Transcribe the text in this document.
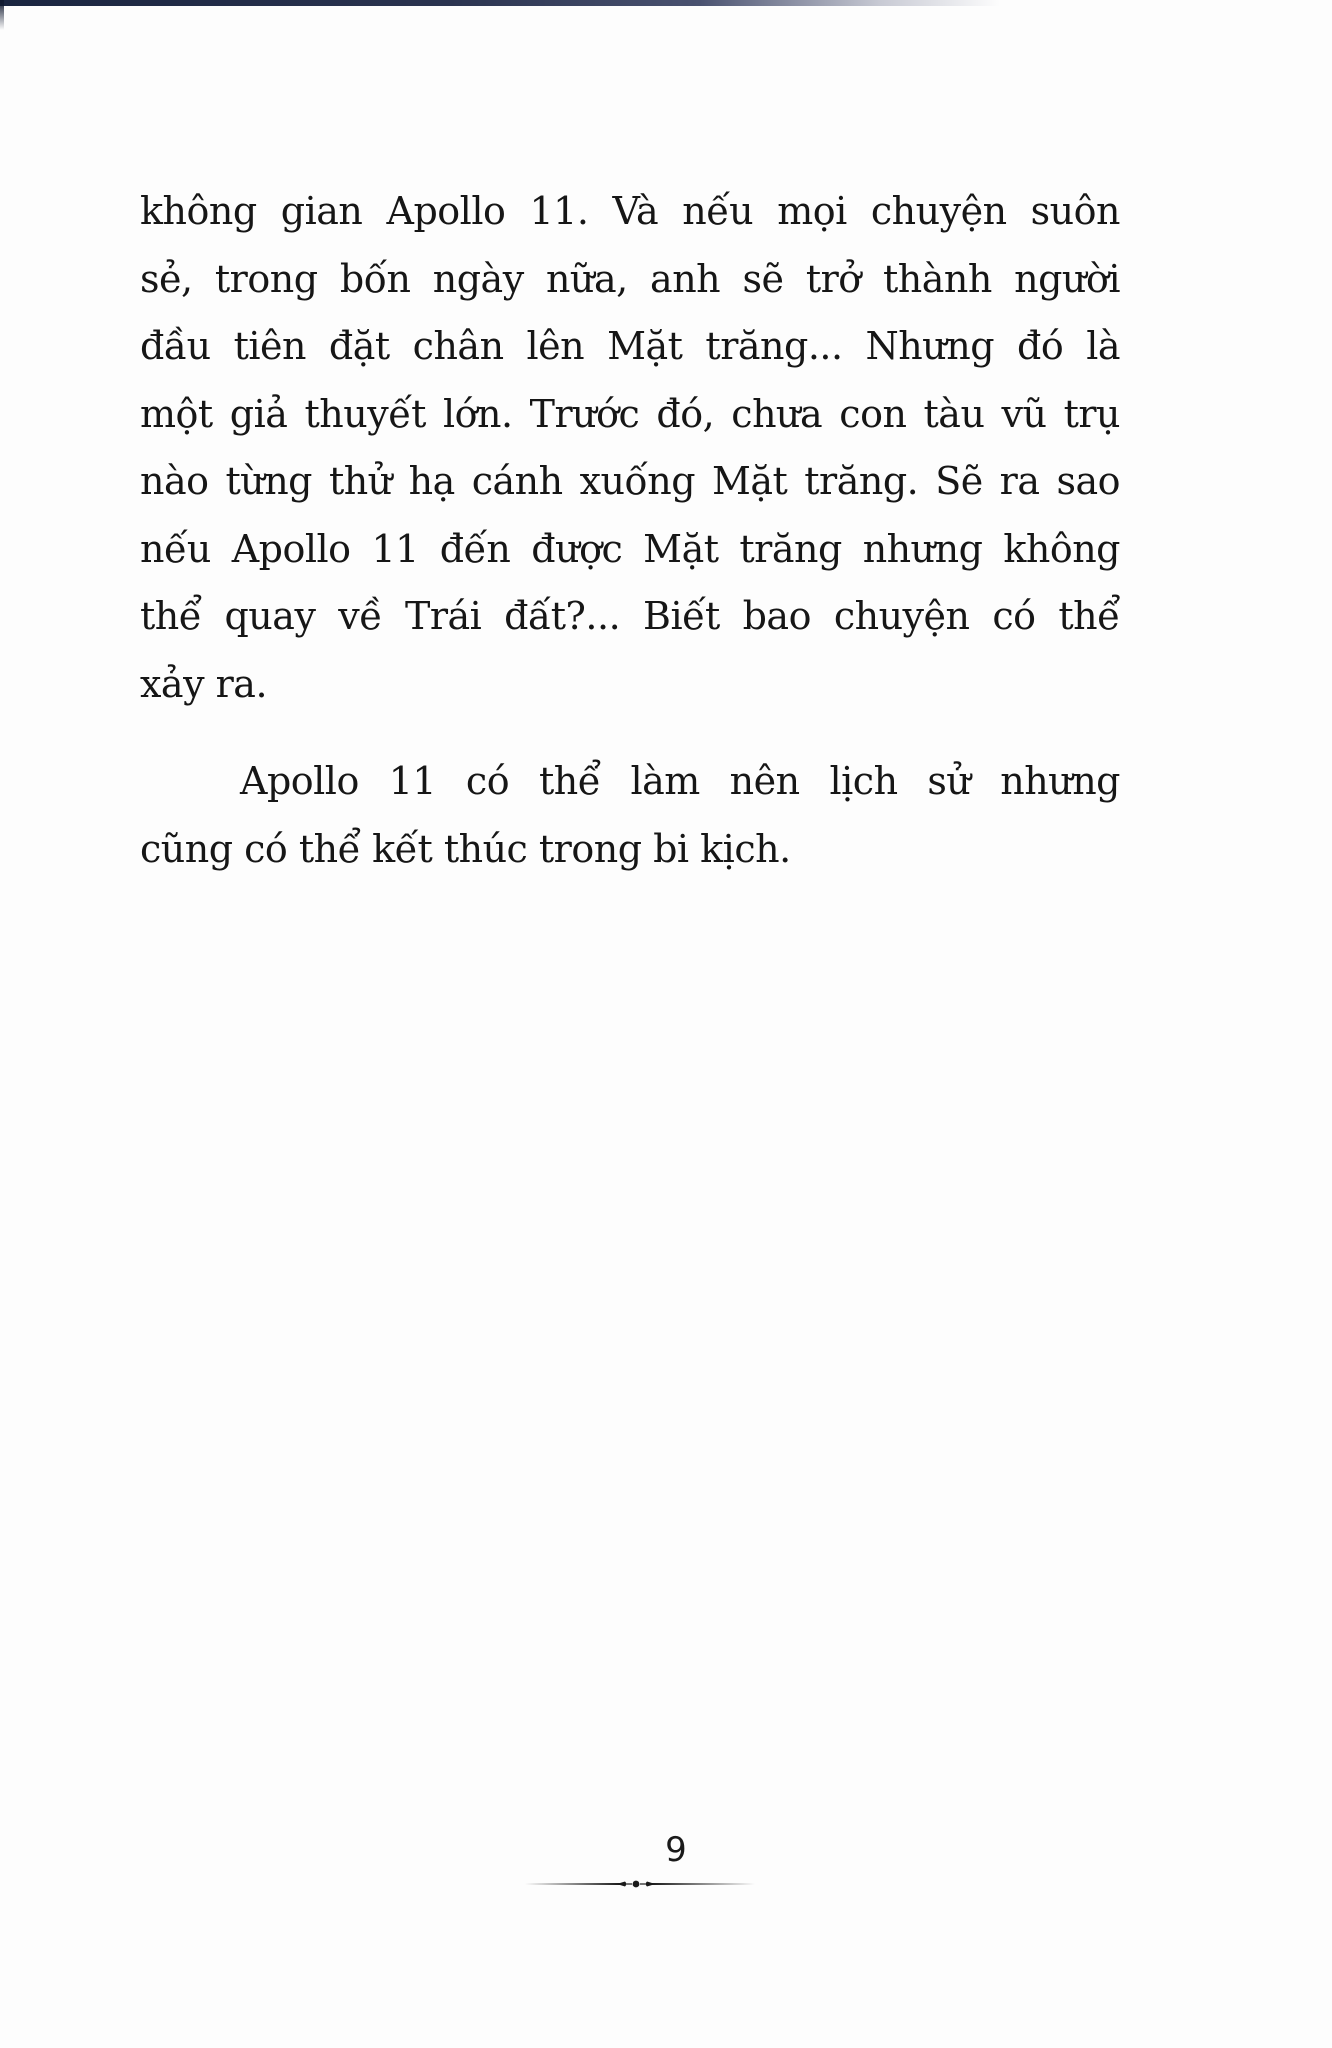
không gian Apollo 11. Và nếu mọi chuyện suôn
sẻ, trong bốn ngày nữa, anh sẽ trở thành người
đầu tiên đặt chân lên Mặt trăng... Nhưng đó là
một giả thuyết lớn. Trước đó, chưa con tàu vũ trụ
nào từng thử hạ cánh xuống Mặt trăng. Sẽ ra sao
nếu Apollo 11 đến được Mặt trăng nhưng không
thể quay về Trái đất?... Biết bao chuyện có thể
xảy ra.
Apollo 11 có thể làm nên lịch sử nhưng
cũng có thể kết thúc trong bi kịch.
9
